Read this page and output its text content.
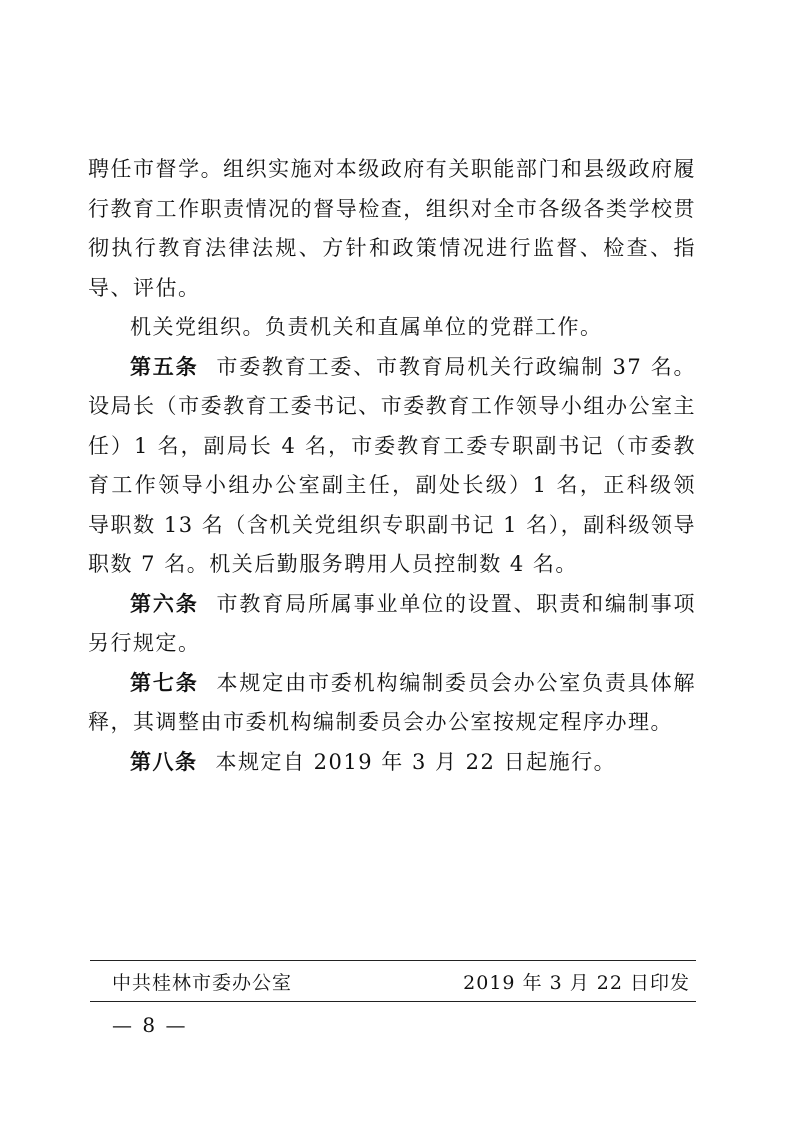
聘任市督学。组织实施对本级政府有关职能部门和县级政府履行教育工作职责情况的督导检查，组织对全市各级各类学校贯彻执行教育法律法规、方针和政策情况进行监督、检查、指导、评估。

机关党组织。负责机关和直属单位的党群工作。

第五条 市委教育工委、市教育局机关行政编制 37 名。设局长（市委教育工委书记、市委教育工作领导小组办公室主任）1 名，副局长 4 名，市委教育工委专职副书记（市委教育工作领导小组办公室副主任，副处长级）1 名，正科级领导职数 13 名（含机关党组织专职副书记 1 名），副科级领导职数 7 名。机关后勤服务聘用人员控制数 4 名。

第六条 市教育局所属事业单位的设置、职责和编制事项另行规定。

第七条 本规定由市委机构编制委员会办公室负责具体解释，其调整由市委机构编制委员会办公室按规定程序办理。

第八条 本规定自 2019 年 3 月 22 日起施行。

中共桂林市委办公室	2019 年 3 月 22 日印发
— 8 —
